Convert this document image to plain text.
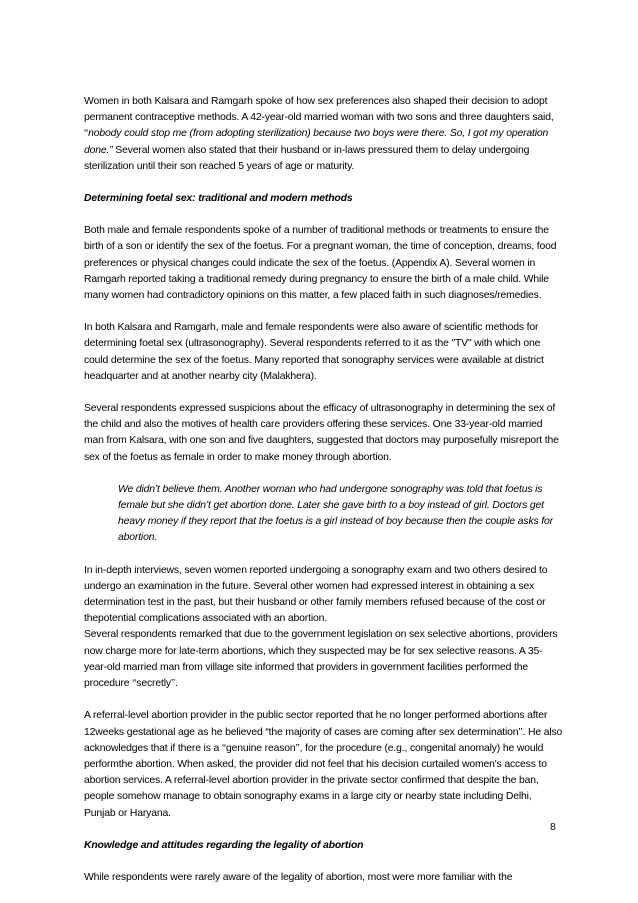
Women in both Kalsara and Ramgarh spoke of how sex preferences also shaped their decision to adopt permanent contraceptive methods. A 42-year-old married woman with two sons and three daughters said, ‘‘nobody could stop me (from adopting sterilization) because two boys were there. So, I got my operation done.” Several women also stated that their husband or in-laws pressured them to delay undergoing sterilization until their son reached 5 years of age or maturity.

Determining foetal sex: traditional and modern methods

Both male and female respondents spoke of a number of traditional methods or treatments to ensure the birth of a son or identify the sex of the foetus. For a pregnant woman, the time of conception, dreams, food preferences or physical changes could indicate the sex of the foetus. (Appendix A). Several women in Ramgarh reported taking a traditional remedy during pregnancy to ensure the birth of a male child. While many women had contradictory opinions on this matter, a few placed faith in such diagnoses/remedies.

In both Kalsara and Ramgarh, male and female respondents were also aware of scientific methods for determining foetal sex (ultrasonography). Several respondents referred to it as the "TV" with which one could determine the sex of the foetus. Many reported that sonography services were available at district headquarter and at another nearby city (Malakhera).

Several respondents expressed suspicions about the efficacy of ultrasonography in determining the sex of the child and also the motives of health care providers offering these services. One 33-year-old married man from Kalsara, with one son and five daughters, suggested that doctors may purposefully misreport the sex of the foetus as female in order to make money through abortion.

We didn’t believe them. Another woman who had undergone sonography was told that foetus is female but she didn’t get abortion done. Later she gave birth to a boy instead of girl. Doctors get heavy money if they report that the foetus is a girl instead of boy because then the couple asks for abortion.

In in-depth interviews, seven women reported undergoing a sonography exam and two others desired to undergo an examination in the future. Several other women had expressed interest in obtaining a sex determination test in the past, but their husband or other family members refused because of the cost or thepotential complications associated with an abortion.

Several respondents remarked that due to the government legislation on sex selective abortions, providers now charge more for late-term abortions, which they suspected may be for sex selective reasons. A 35-year-old married man from village site informed that providers in government facilities performed the procedure ‘‘secretly’’.

A referral-level abortion provider in the public sector reported that he no longer performed abortions after 12weeks gestational age as he believed “the majority of cases are coming after sex determination’’. He also acknowledges that if there is a ‘‘genuine reason’’, for the procedure (e.g., congenital anomaly) he would performthe abortion. When asked, the provider did not feel that his decision curtailed women's access to abortion services. A referral-level abortion provider in the private sector confirmed that despite the ban, people somehow manage to obtain sonography exams in a large city or nearby state including Delhi, Punjab or Haryana.

Knowledge and attitudes regarding the legality of abortion

While respondents were rarely aware of the legality of abortion, most were more familiar with the

8
